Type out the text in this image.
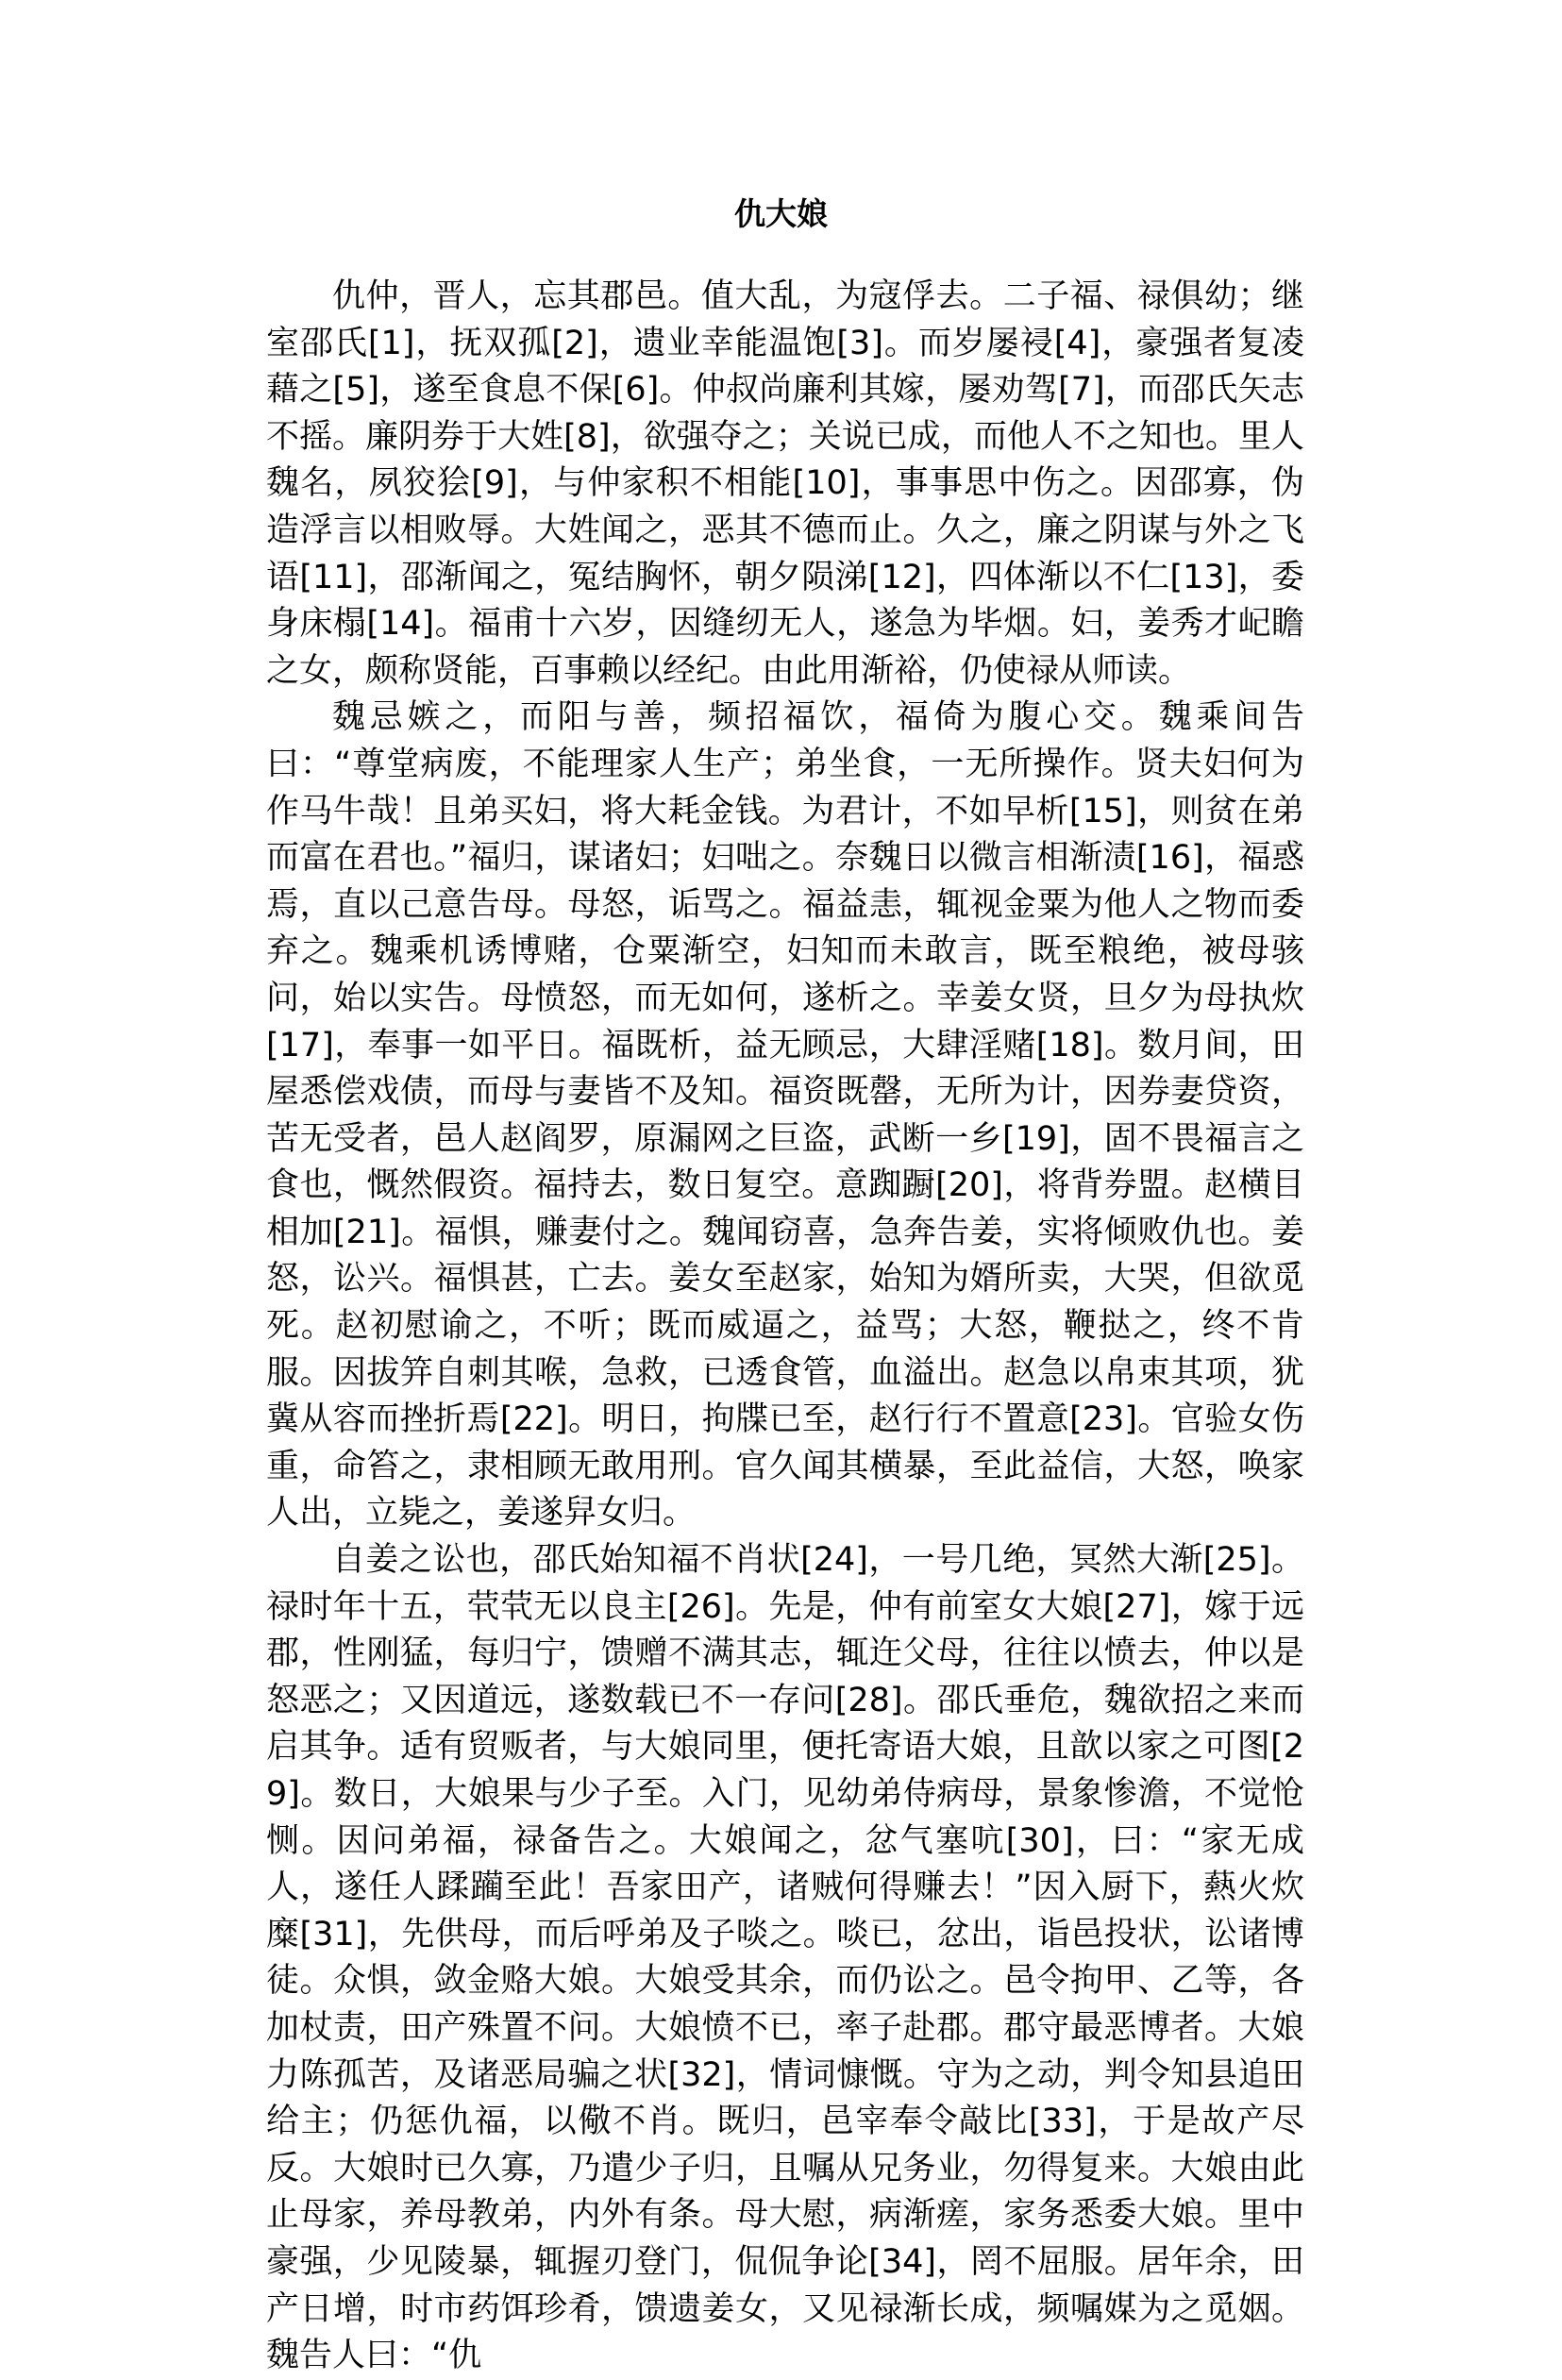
仇大娘

仇仲，晋人，忘其郡邑。值大乱，为寇俘去。二子福、禄俱幼；继室邵氏[1]，抚双孤[2]，遗业幸能温饱[3]。而岁屡祲[4]，豪强者复凌藉之[5]，遂至食息不保[6]。仲叔尚廉利其嫁，屡劝驾[7]，而邵氏矢志不摇。廉阴券于大姓[8]，欲强夺之；关说已成，而他人不之知也。里人魏名，夙狡狯[9]，与仲家积不相能[10]，事事思中伤之。因邵寡，伪造浮言以相败辱。大姓闻之，恶其不德而止。久之，廉之阴谋与外之飞语[11]，邵渐闻之，冤结胸怀，朝夕陨涕[12]，四体渐以不仁[13]，委身床榻[14]。福甫十六岁，因缝纫无人，遂急为毕烟。妇，姜秀才屺瞻之女，颇称贤能，百事赖以经纪。由此用渐裕，仍使禄从师读。

魏忌嫉之，而阳与善，频招福饮，福倚为腹心交。魏乘间告曰：“尊堂病废，不能理家人生产；弟坐食，一无所操作。贤夫妇何为作马牛哉！且弟买妇，将大耗金钱。为君计，不如早析[15]，则贫在弟而富在君也。”福归，谋诸妇；妇咄之。奈魏日以微言相渐渍[16]，福惑焉，直以己意告母。母怒，诟骂之。福益恚，辄视金粟为他人之物而委弃之。魏乘机诱博赌，仓粟渐空，妇知而未敢言，既至粮绝，被母骇问，始以实告。母愤怒，而无如何，遂析之。幸姜女贤，旦夕为母执炊[17]，奉事一如平日。福既析，益无顾忌，大肆淫赌[18]。数月间，田屋悉偿戏债，而母与妻皆不及知。福资既罄，无所为计，因券妻贷资，苦无受者，邑人赵阎罗，原漏网之巨盗，武断一乡[19]，固不畏福言之食也，慨然假资。福持去，数日复空。意踟蹰[20]，将背券盟。赵横目相加[21]。福惧，赚妻付之。魏闻窃喜，急奔告姜，实将倾败仇也。姜怒，讼兴。福惧甚，亡去。姜女至赵家，始知为婿所卖，大哭，但欲觅死。赵初慰谕之，不听；既而威逼之，益骂；大怒，鞭挞之，终不肯服。因拔笄自刺其喉，急救，已透食管，血溢出。赵急以帛束其项，犹冀从容而挫折焉[22]。明日，拘牒已至，赵行行不置意[23]。官验女伤重，命笞之，隶相顾无敢用刑。官久闻其横暴，至此益信，大怒，唤家人出，立毙之，姜遂舁女归。

自姜之讼也，邵氏始知福不肖状[24]，一号几绝，冥然大渐[25]。禄时年十五，茕茕无以良主[26]。先是，仲有前室女大娘[27]，嫁于远郡，性刚猛，每归宁，馈赠不满其志，辄迕父母，往往以愤去，仲以是怒恶之；又因道远，遂数载已不一存问[28]。邵氏垂危，魏欲招之来而启其争。适有贸贩者，与大娘同里，便托寄语大娘，且歆以家之可图[29]。数日，大娘果与少子至。入门，见幼弟侍病母，景象惨澹，不觉怆恻。因问弟福，禄备告之。大娘闻之，忿气塞吭[30]，曰：“家无成人，遂任人蹂躏至此！吾家田产，诸贼何得赚去！”因入厨下，爇火炊糜[31]，先供母，而后呼弟及子啖之。啖已，忿出，诣邑投状，讼诸博徒。众惧，敛金赂大娘。大娘受其余，而仍讼之。邑令拘甲、乙等，各加杖责，田产殊置不问。大娘愤不已，率子赴郡。郡守最恶博者。大娘力陈孤苦，及诸恶局骗之状[32]，情词慷慨。守为之动，判令知县追田给主；仍惩仇福，以儆不肖。既归，邑宰奉令敲比[33]，于是故产尽反。大娘时已久寡，乃遣少子归，且嘱从兄务业，勿得复来。大娘由此止母家，养母教弟，内外有条。母大慰，病渐瘥，家务悉委大娘。里中豪强，少见陵暴，辄握刃登门，侃侃争论[34]，罔不屈服。居年余，田产日增，时市药饵珍肴，馈遗姜女，又见禄渐长成，频嘱媒为之觅姻。魏告人曰：“仇
